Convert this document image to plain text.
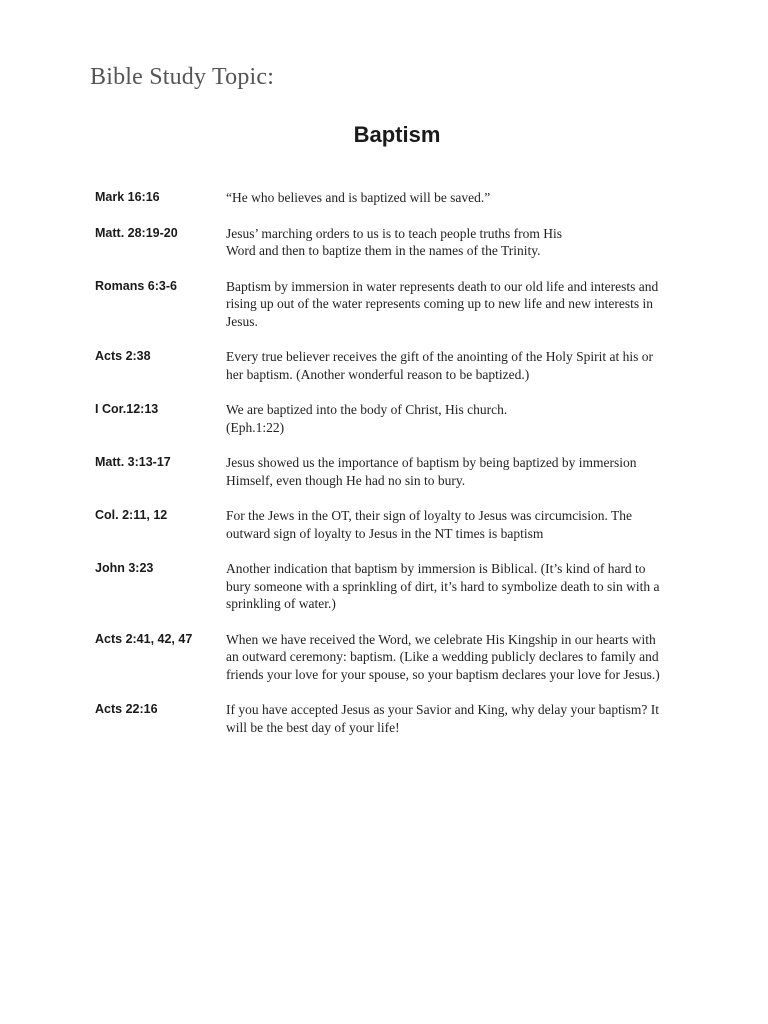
Bible Study Topic:
Baptism
Mark 16:16	“He who believes and is baptized will be saved.”
Matt. 28:19-20	Jesus’ marching orders to us is to teach people truths from His
Word and then to baptize them in the names of the Trinity.
Romans 6:3-6	Baptism by immersion in water represents death to our old life and interests and
rising up out of the water represents coming up to new life and new interests in
Jesus.
Acts 2:38	Every true believer receives the gift of the anointing of the Holy Spirit at his or
her baptism. (Another wonderful reason to be baptized.)
I Cor.12:13	We are baptized into the body of Christ, His church.
(Eph.1:22)
Matt. 3:13-17	Jesus showed us the importance of baptism by being baptized by immersion
Himself, even though He had no sin to bury.
Col. 2:11, 12	For the Jews in the OT, their sign of loyalty to Jesus was circumcision. The
outward sign of loyalty to Jesus in the NT times is baptism
John 3:23	Another indication that baptism by immersion is Biblical. (It’s kind of hard to
bury someone with a sprinkling of dirt, it’s hard to symbolize death to sin with a
sprinkling of water.)
Acts 2:41, 42, 47	When we have received the Word, we celebrate His Kingship in our hearts with
an outward ceremony: baptism. (Like a wedding publicly declares to family and
friends your love for your spouse, so your baptism declares your love for Jesus.)
Acts 22:16	If you have accepted Jesus as your Savior and King, why delay your baptism? It
will be the best day of your life!
